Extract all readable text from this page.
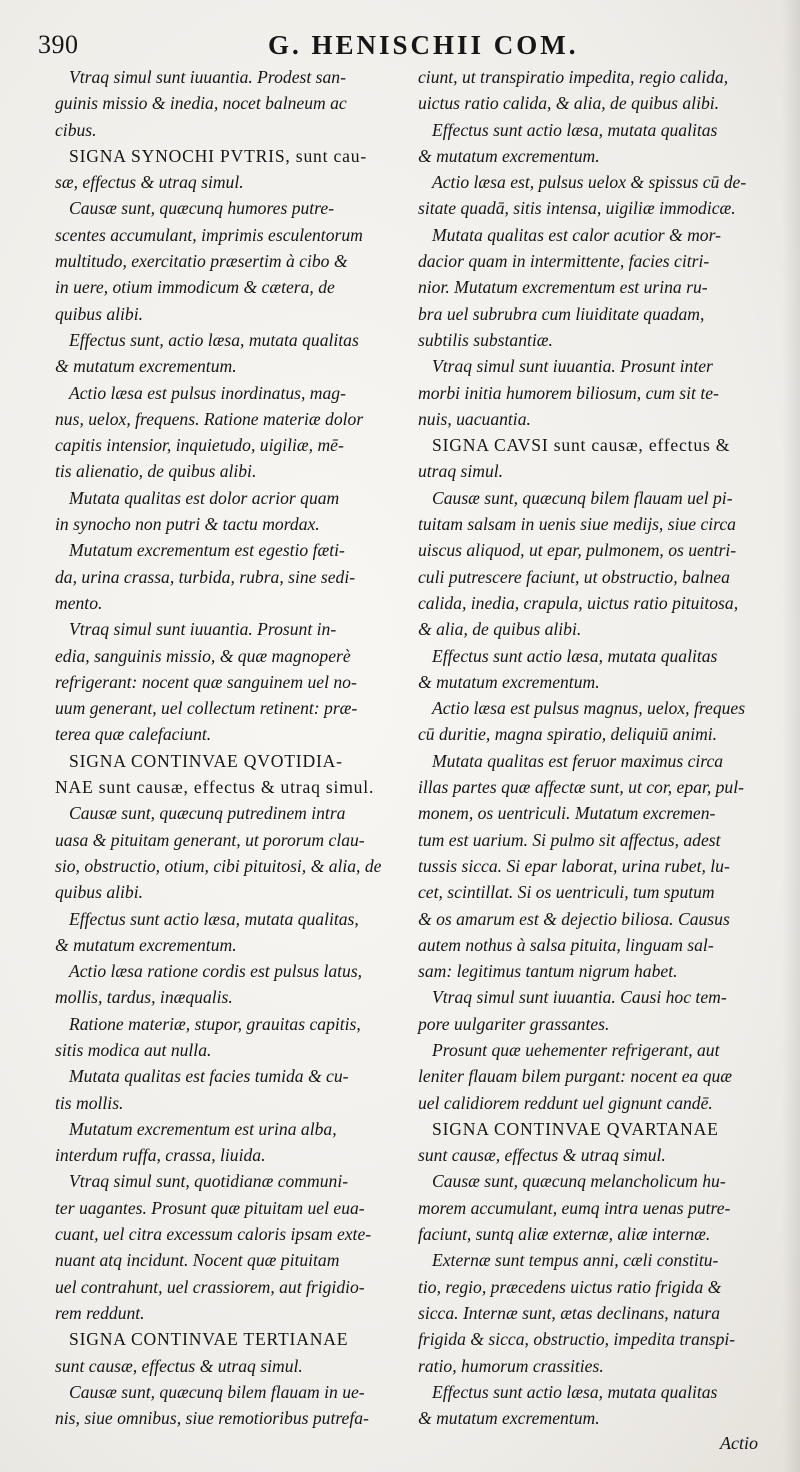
390	G. HENISCHII COM.
Vtraq simul sunt iuuantia. Prodest san-
guinis missio & inedia, nocet balneum ac
cibus.
SIGNA SYNOCHI PVTRIS, sunt cau-
sæ, effectus & utraq simul.
Causæ sunt, quæcunq humores putre-
scentes accumulant, imprimis esculentorum
multitudo, exercitatio præsertim à cibo &
in uere, otium immodicum & cætera, de
quibus alibi.
Effectus sunt, actio læsa, mutata qualitas
& mutatum excrementum.
Actio læsa est pulsus inordinatus, mag-
nus, uelox, frequens. Ratione materiæ dolor
capitis intensior, inquietudo, uigiliæ, mē-
tis alienatio, de quibus alibi.
Mutata qualitas est dolor acrior quam
in synocho non putri & tactu mordax.
Mutatum excrementum est egestio fæti-
da, urina crassa, turbida, rubra, sine sedi-
mento.
Vtraq simul sunt iuuantia. Prosunt in-
edia, sanguinis missio, & quæ magnoperè
refrigerant: nocent quæ sanguinem uel no-
uum generant, uel collectum retinent: præ-
terea quæ calefaciunt.
SIGNA CONTINVAE QVOTIDIA-
NAE sunt causæ, effectus & utraq simul.
Causæ sunt, quæcunq putredinem intra
uasa & pituitam generant, ut pororum clau-
sio, obstructio, otium, cibi pituitosi, & alia, de
quibus alibi.
Effectus sunt actio læsa, mutata qualitas,
& mutatum excrementum.
Actio læsa ratione cordis est pulsus latus,
mollis, tardus, inæqualis.
Ratione materiæ, stupor, grauitas capitis,
sitis modica aut nulla.
Mutata qualitas est facies tumida & cu-
tis mollis.
Mutatum excrementum est urina alba,
interdum ruffa, crassa, liuida.
Vtraq simul sunt, quotidianæ communi-
ter uagantes. Prosunt quæ pituitam uel eua-
cuant, uel citra excessum caloris ipsam exte-
nuant atq incidunt. Nocent quæ pituitam
uel contrahunt, uel crassiorem, aut frigidio-
rem reddunt.
SIGNA CONTINVAE TERTIANAE
sunt causæ, effectus & utraq simul.
Causæ sunt, quæcunq bilem flauam in ue-
nis, siue omnibus, siue remotioribus putrefa-
ciunt, ut transpiratio impedita, regio calida,
uictus ratio calida, & alia, de quibus alibi.
Effectus sunt actio læsa, mutata qualitas
& mutatum excrementum.
Actio læsa est, pulsus uelox & spissus cū de-
sitate quadā, sitis intensa, uigiliæ immodicæ.
Mutata qualitas est calor acutior & mor-
dacior quam in intermittente, facies citri-
nior. Mutatum excrementum est urina ru-
bra uel subrubra cum liuiditate quadam,
subtilis substantiæ.
Vtraq simul sunt iuuantia. Prosunt inter
morbi initia humorem biliosum, cum sit te-
nuis, uacuantia.
SIGNA CAVSI sunt causæ, effectus &
utraq simul.
Causæ sunt, quæcunq bilem flauam uel pi-
tuitam salsam in uenis siue medijs, siue circa
uiscus aliquod, ut epar, pulmonem, os uentri-
culi putrescere faciunt, ut obstructio, balnea
calida, inedia, crapula, uictus ratio pituitosa,
& alia, de quibus alibi.
Effectus sunt actio læsa, mutata qualitas
& mutatum excrementum.
Actio læsa est pulsus magnus, uelox, freques
cū duritie, magna spiratio, deliquiū animi.
Mutata qualitas est feruor maximus circa
illas partes quæ affectæ sunt, ut cor, epar, pul-
monem, os uentriculi. Mutatum excremen-
tum est uarium. Si pulmo sit affectus, adest
tussis sicca. Si epar laborat, urina rubet, lu-
cet, scintillat. Si os uentriculi, tum sputum
& os amarum est & dejectio biliosa. Causus
autem nothus à salsa pituita, linguam sal-
sam: legitimus tantum nigrum habet.
Vtraq simul sunt iuuantia. Causi hoc tem-
pore uulgariter grassantes.
Prosunt quæ uehementer refrigerant, aut
leniter flauam bilem purgant: nocent ea quæ
uel calidiorem reddunt uel gignunt candē.
SIGNA CONTINVAE QVARTANAE
sunt causæ, effectus & utraq simul.
Causæ sunt, quæcunq melancholicum hu-
morem accumulant, eumq intra uenas putre-
faciunt, suntq aliæ externæ, aliæ internæ.
Externæ sunt tempus anni, cæli constitu-
tio, regio, præcedens uictus ratio frigida &
sicca. Internæ sunt, ætas declinans, natura
frigida & sicca, obstructio, impedita transpi-
ratio, humorum crassities.
Effectus sunt actio læsa, mutata qualitas
& mutatum excrementum.
Actio
